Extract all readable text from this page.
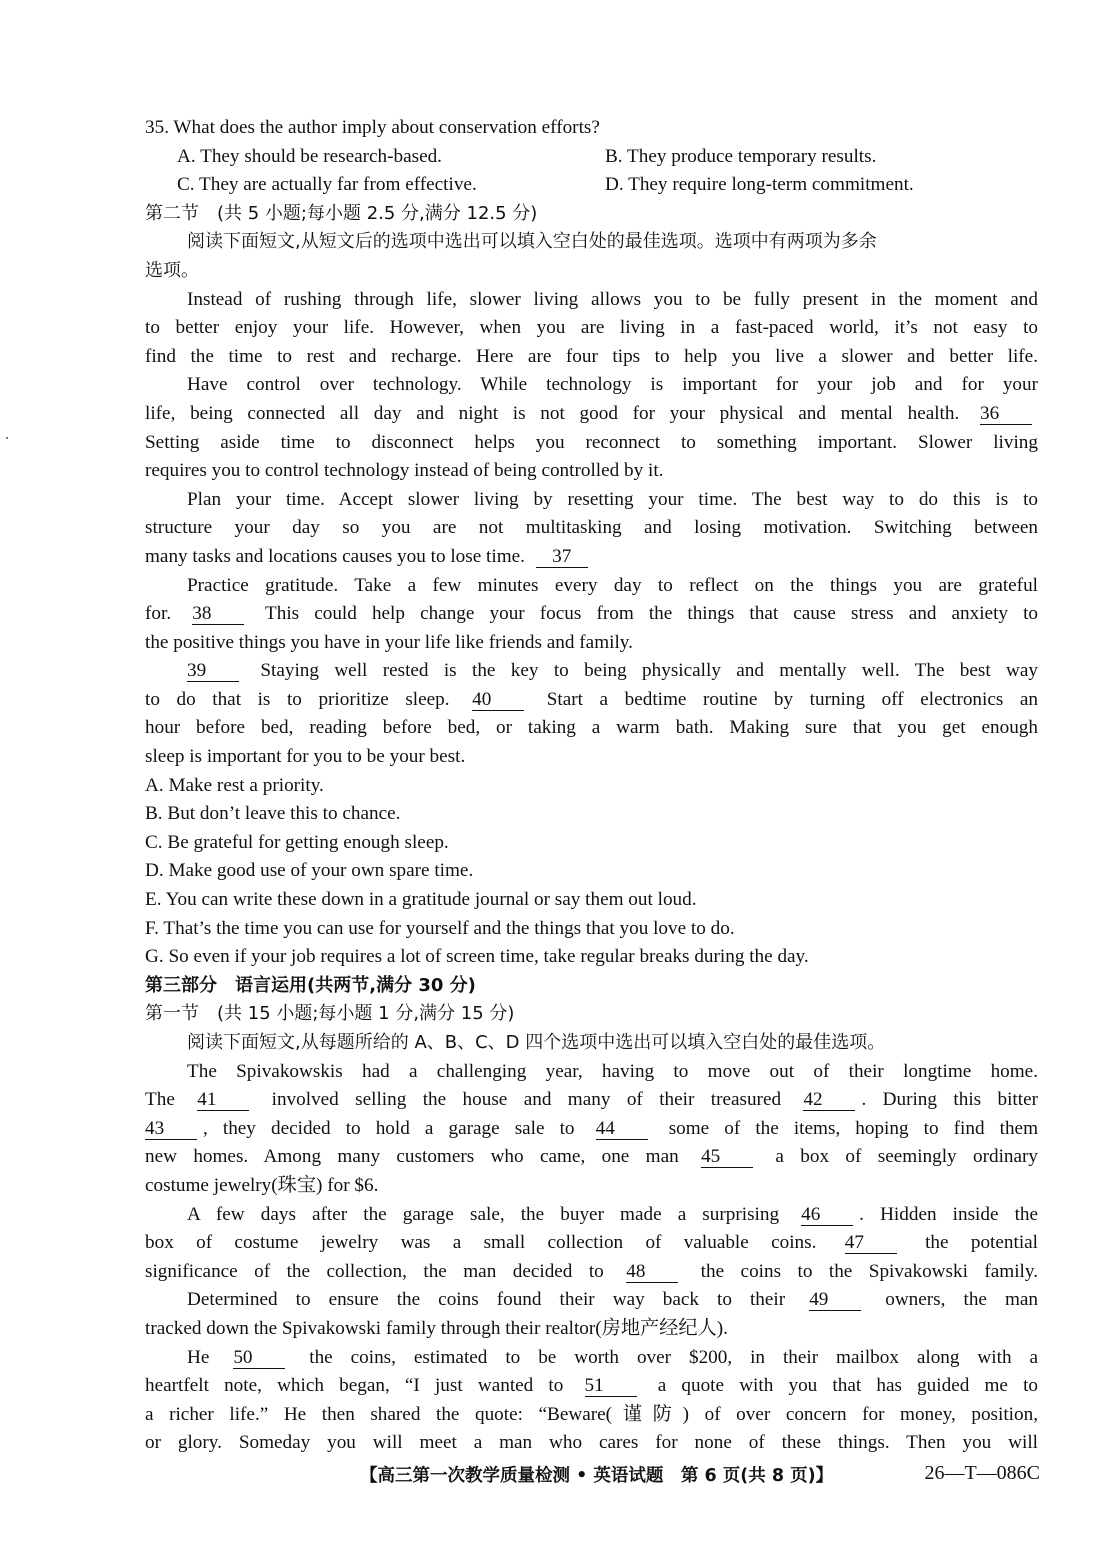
35. What does the author imply about conservation efforts?
A. They should be research-based.	B. They produce temporary results.
C. They are actually far from effective.	D. They require long-term commitment.
第二节　(共 5 小题;每小题 2.5 分,满分 12.5 分)
阅读下面短文,从短文后的选项中选出可以填入空白处的最佳选项。选项中有两项为多余
选项。
Instead of rushing through life, slower living allows you to be fully present in the moment and
to better enjoy your life. However, when you are living in a fast-paced world, it’s not easy to
find the time to rest and recharge. Here are four tips to help you live a slower and better life.
Have control over technology. While technology is important for your job and for your
life, being connected all day and night is not good for your physical and mental health. 36
Setting aside time to disconnect helps you reconnect to something important. Slower living
requires you to control technology instead of being controlled by it.
Plan your time. Accept slower living by resetting your time. The best way to do this is to
structure your day so you are not multitasking and losing motivation. Switching between
many tasks and locations causes you to lose time. 37
Practice gratitude. Take a few minutes every day to reflect on the things you are grateful
for. 38	This could help change your focus from the things that cause stress and anxiety to
the positive things you have in your life like friends and family.
39	Staying well rested is the key to being physically and mentally well. The best way
to do that is to prioritize sleep. 40	Start a bedtime routine by turning off electronics an
hour before bed, reading before bed, or taking a warm bath. Making sure that you get enough
sleep is important for you to be your best.
A. Make rest a priority.
B. But don’t leave this to chance.
C. Be grateful for getting enough sleep.
D. Make good use of your own spare time.
E. You can write these down in a gratitude journal or say them out loud.
F. That’s the time you can use for yourself and the things that you love to do.
G. So even if your job requires a lot of screen time, take regular breaks during the day.
第三部分　语言运用(共两节,满分 30 分)
第一节　(共 15 小题;每小题 1 分,满分 15 分)
阅读下面短文,从每题所给的 A、B、C、D 四个选项中选出可以填入空白处的最佳选项。
The Spivakowskis had a challenging year, having to move out of their longtime home.
The 41	involved selling the house and many of their treasured 42 . During this bitter
43 , they decided to hold a garage sale to 44	some of the items, hoping to find them
new homes. Among many customers who came, one man 45	a box of seemingly ordinary
costume jewelry(珠宝) for $6.
A few days after the garage sale, the buyer made a surprising 46 . Hidden inside the
box of costume jewelry was a small collection of valuable coins. 47	the potential
significance of the collection, the man decided to 48	the coins to the Spivakowski family.
Determined to ensure the coins found their way back to their 49	owners, the man
tracked down the Spivakowski family through their realtor(房地产经纪人).
He 50	the coins, estimated to be worth over $200, in their mailbox along with a
heartfelt note, which began, “I just wanted to 51	a quote with you that has guided me to
a richer life.” He then shared the quote: “Beware(谨防) of over concern for money, position,
or glory. Someday you will meet a man who cares for none of these things. Then you will
【高三第一次教学质量检测 • 英语试题　第 6 页(共 8 页)】	26—T—086C
